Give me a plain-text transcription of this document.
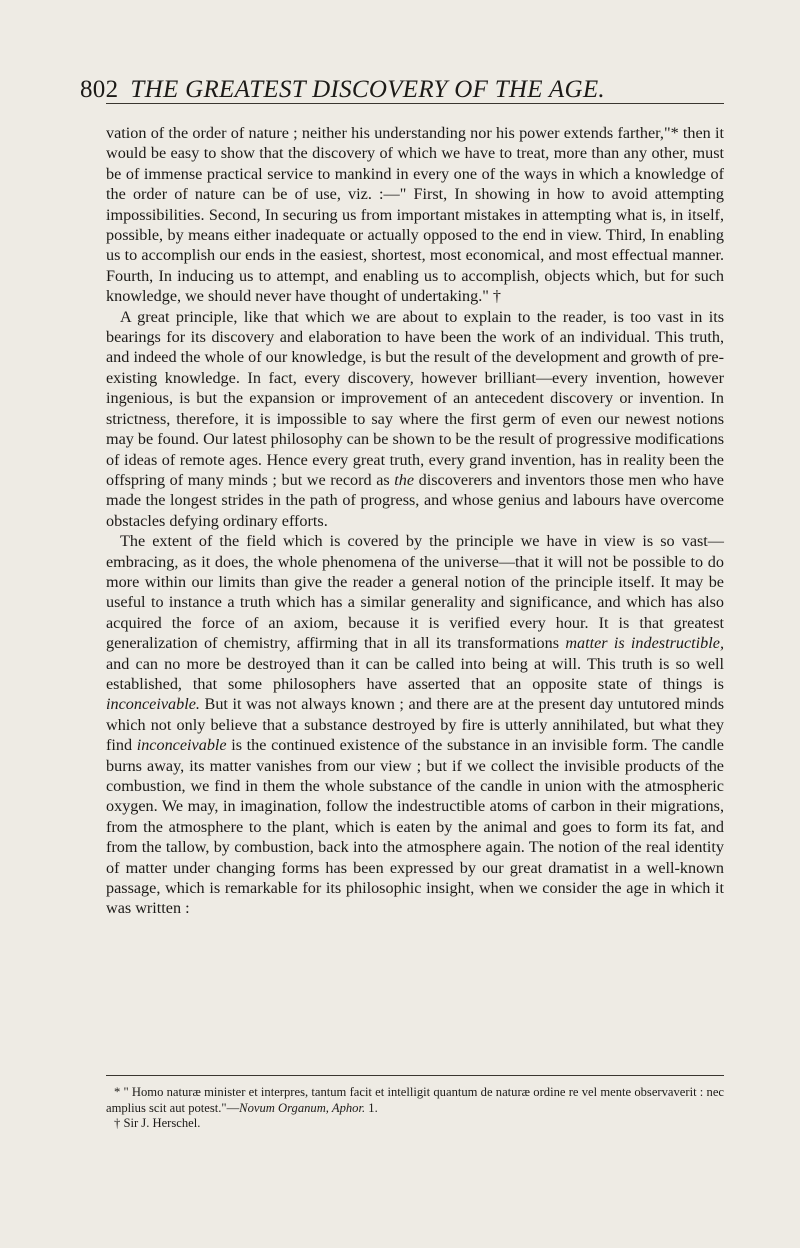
802 THE GREATEST DISCOVERY OF THE AGE.

vation of the order of nature ; neither his understanding nor his power extends farther,"* then it would be easy to show that the discovery of which we have to treat, more than any other, must be of immense practical service to mankind in every one of the ways in which a knowledge of the order of nature can be of use, viz. :—" First, In showing in how to avoid attempting impossibilities. Second, In securing us from important mistakes in attempting what is, in itself, possible, by means either inadequate or actually opposed to the end in view. Third, In enabling us to accomplish our ends in the easiest, shortest, most economical, and most effectual manner. Fourth, In inducing us to attempt, and enabling us to accomplish, objects which, but for such knowledge, we should never have thought of undertaking." †

A great principle, like that which we are about to explain to the reader, is too vast in its bearings for its discovery and elaboration to have been the work of an individual. This truth, and indeed the whole of our knowledge, is but the result of the development and growth of pre-existing knowledge. In fact, every discovery, however brilliant—every invention, however ingenious, is but the expansion or improvement of an antecedent discovery or invention. In strictness, therefore, it is impossible to say where the first germ of even our newest notions may be found. Our latest philosophy can be shown to be the result of progressive modifications of ideas of remote ages. Hence every great truth, every grand invention, has in reality been the offspring of many minds ; but we record as the discoverers and inventors those men who have made the longest strides in the path of progress, and whose genius and labours have overcome obstacles defying ordinary efforts.

The extent of the field which is covered by the principle we have in view is so vast—embracing, as it does, the whole phenomena of the universe—that it will not be possible to do more within our limits than give the reader a general notion of the principle itself. It may be useful to instance a truth which has a similar generality and significance, and which has also acquired the force of an axiom, because it is verified every hour. It is that greatest generalization of chemistry, affirming that in all its transformations matter is indestructible, and can no more be destroyed than it can be called into being at will. This truth is so well established, that some philosophers have asserted that an opposite state of things is inconceivable. But it was not always known ; and there are at the present day untutored minds which not only believe that a substance destroyed by fire is utterly annihilated, but what they find inconceivable is the continued existence of the substance in an invisible form. The candle burns away, its matter vanishes from our view ; but if we collect the invisible products of the combustion, we find in them the whole substance of the candle in union with the atmospheric oxygen. We may, in imagination, follow the indestructible atoms of carbon in their migrations, from the atmosphere to the plant, which is eaten by the animal and goes to form its fat, and from the tallow, by combustion, back into the atmosphere again. The notion of the real identity of matter under changing forms has been expressed by our great dramatist in a well-known passage, which is remarkable for its philosophic insight, when we consider the age in which it was written :

* " Homo naturæ minister et interpres, tantum facit et intelligit quantum de naturæ ordine re vel mente observaverit : nec amplius scit aut potest."—Novum Organum, Aphor. 1.

† Sir J. Herschel.
